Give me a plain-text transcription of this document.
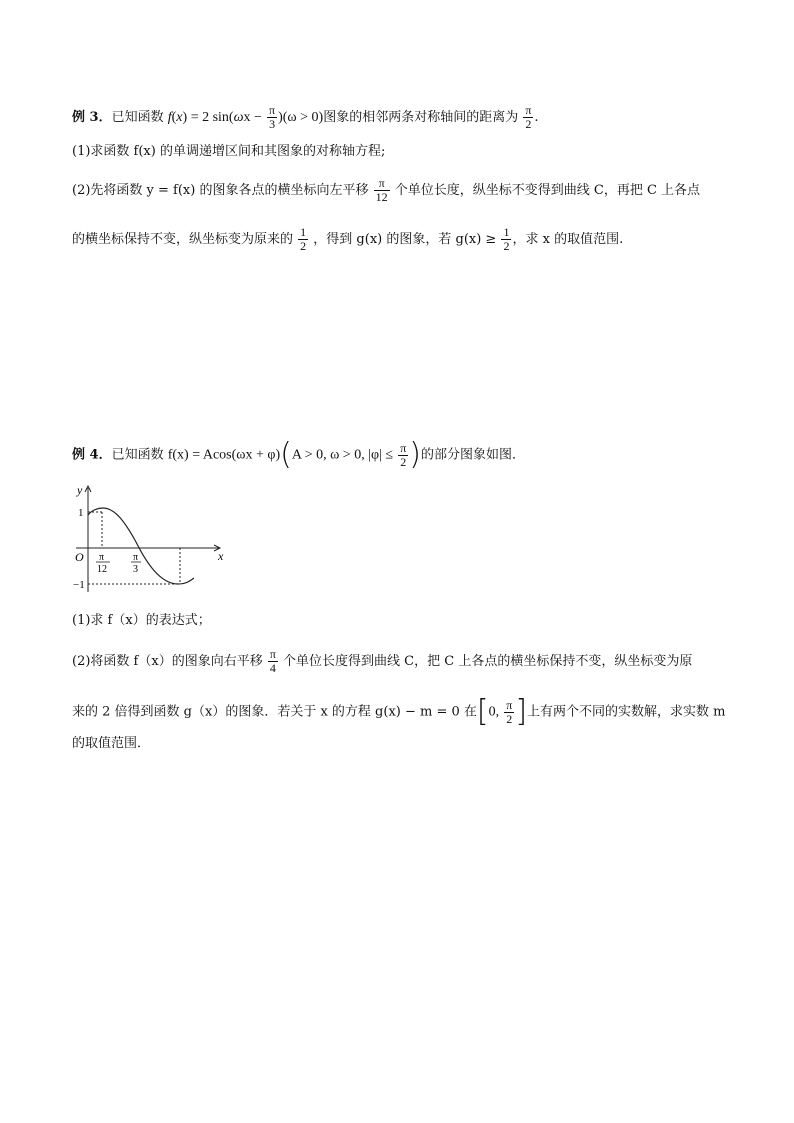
例 3．已知函数 f(x) = 2 $\sin(\omega x - \frac{\pi}{3} )(\omega > 0)$图象的相邻两条对称轴间的距离为 $\frac{\pi}{2}$ .
(1)求函数 f(x) 的单调递增区间和其图象的对称轴方程;
(2)先将函数 y = f(x) 的图象各点的横坐标向左平移 $\frac{\pi}{12}$ 个单位长度，纵坐标不变得到曲线 C，再把 C 上各点
的横坐标保持不变，纵坐标变为原来的 $\frac{1}{2}$ ，得到 g(x) 的图象，若 $g(x) \ge \frac{1}{2}$ ，求 x 的取值范围.
例 4．已知函数 f(x) = Acos(ωx + φ)(A > 0, ω > 0, $|\varphi| \le \frac{\pi}{2}$ )的部分图象如图．
y
x
O
1
−1
π
12
π
3
(1)求 f（x）的表达式；
(2)将函数 f（x）的图象向右平移 $\frac{\pi}{4}$ 个单位长度得到曲线 C，把 C 上各点的横坐标保持不变，纵坐标变为原
来的 2 倍得到函数 g（x）的图象．若关于 x 的方程 g(x) − m = 0 在[0, $\frac{\pi}{2}$ ]上有两个不同的实数解，求实数 m
的取值范围．
